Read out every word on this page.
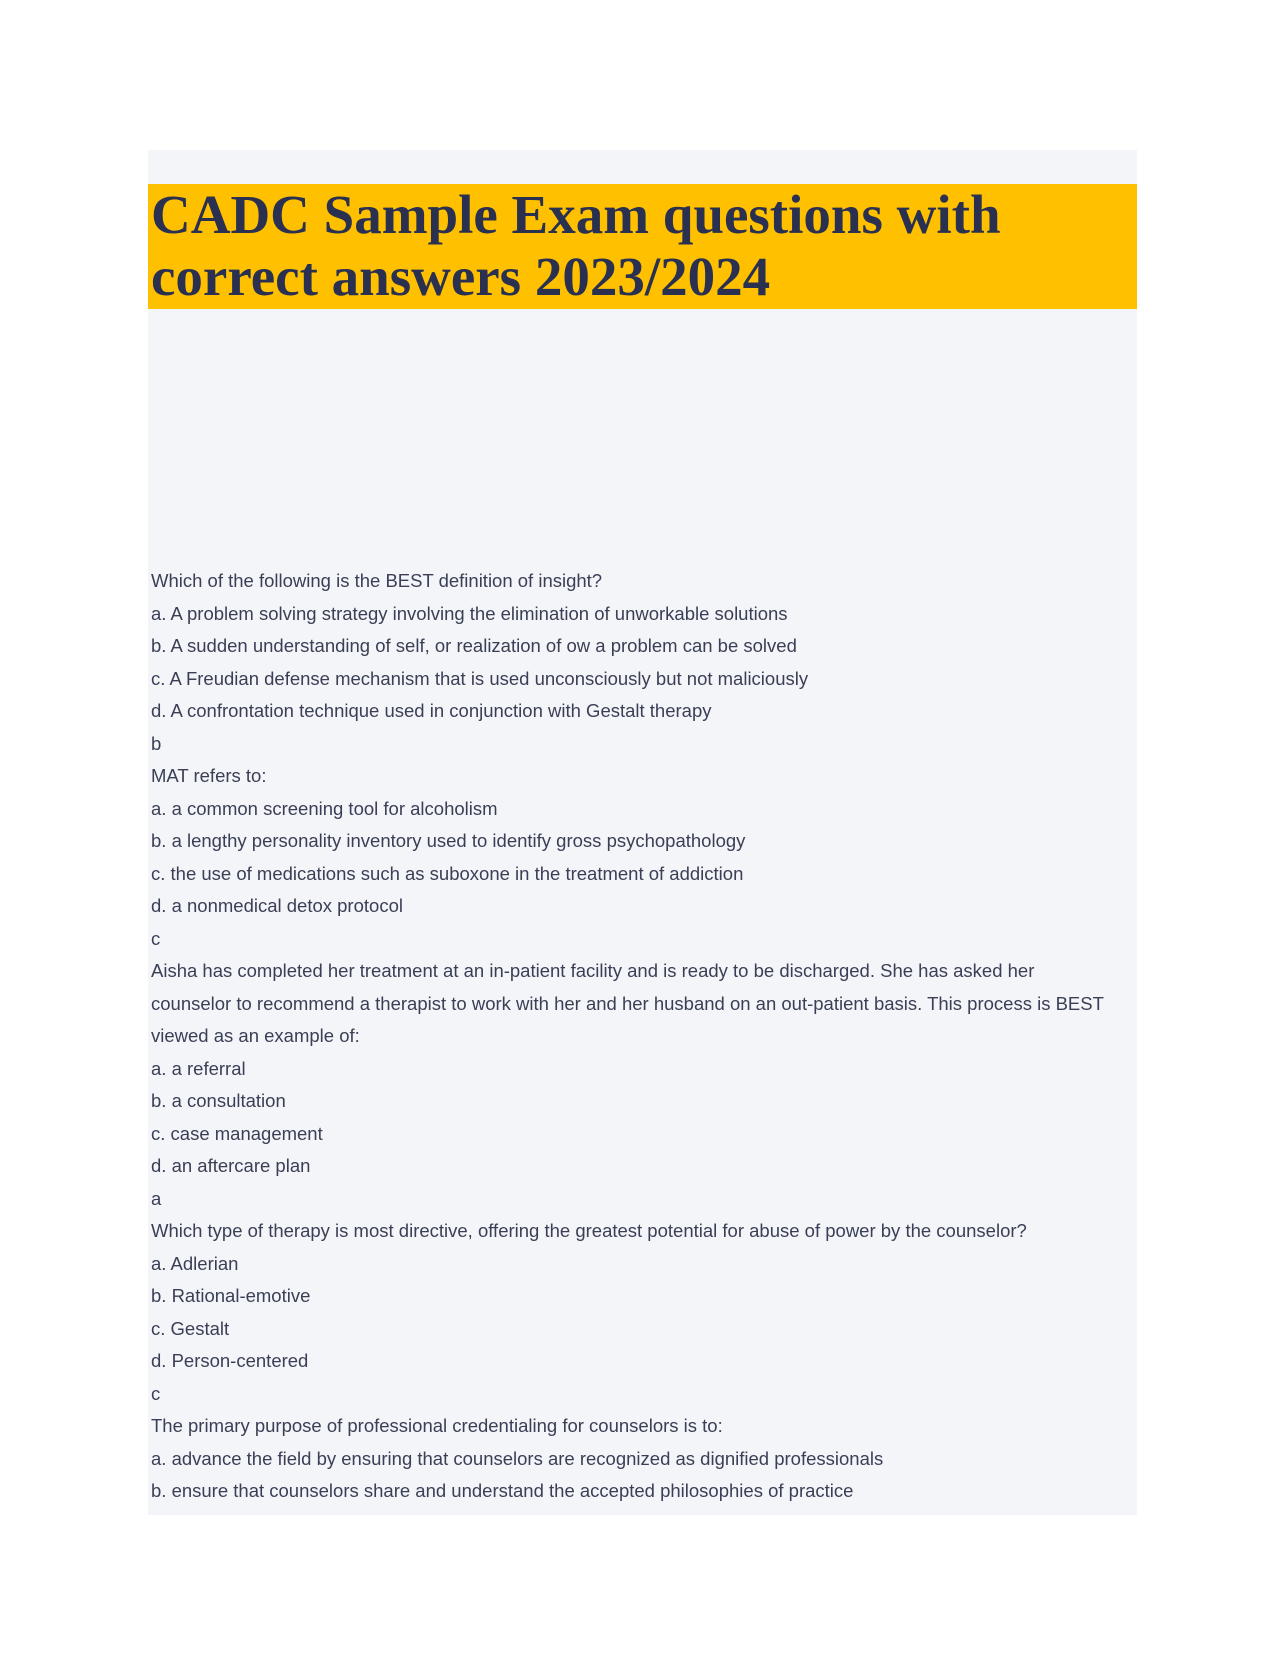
CADC Sample Exam questions with correct answers 2023/2024

Which of the following is the BEST definition of insight?

a. A problem solving strategy involving the elimination of unworkable solutions

b. A sudden understanding of self, or realization of ow a problem can be solved

c. A Freudian defense mechanism that is used unconsciously but not maliciously

d. A confrontation technique used in conjunction with Gestalt therapy

b

MAT refers to:

a. a common screening tool for alcoholism

b. a lengthy personality inventory used to identify gross psychopathology

c. the use of medications such as suboxone in the treatment of addiction

d. a nonmedical detox protocol

c

Aisha has completed her treatment at an in-patient facility and is ready to be discharged. She has asked her

counselor to recommend a therapist to work with her and her husband on an out-patient basis. This process is BEST

viewed as an example of:

a. a referral

b. a consultation

c. case management

d. an aftercare plan

a

Which type of therapy is most directive, offering the greatest potential for abuse of power by the counselor?

a. Adlerian

b. Rational-emotive

c. Gestalt

d. Person-centered

c

The primary purpose of professional credentialing for counselors is to:

a. advance the field by ensuring that counselors are recognized as dignified professionals

b. ensure that counselors share and understand the accepted philosophies of practice
